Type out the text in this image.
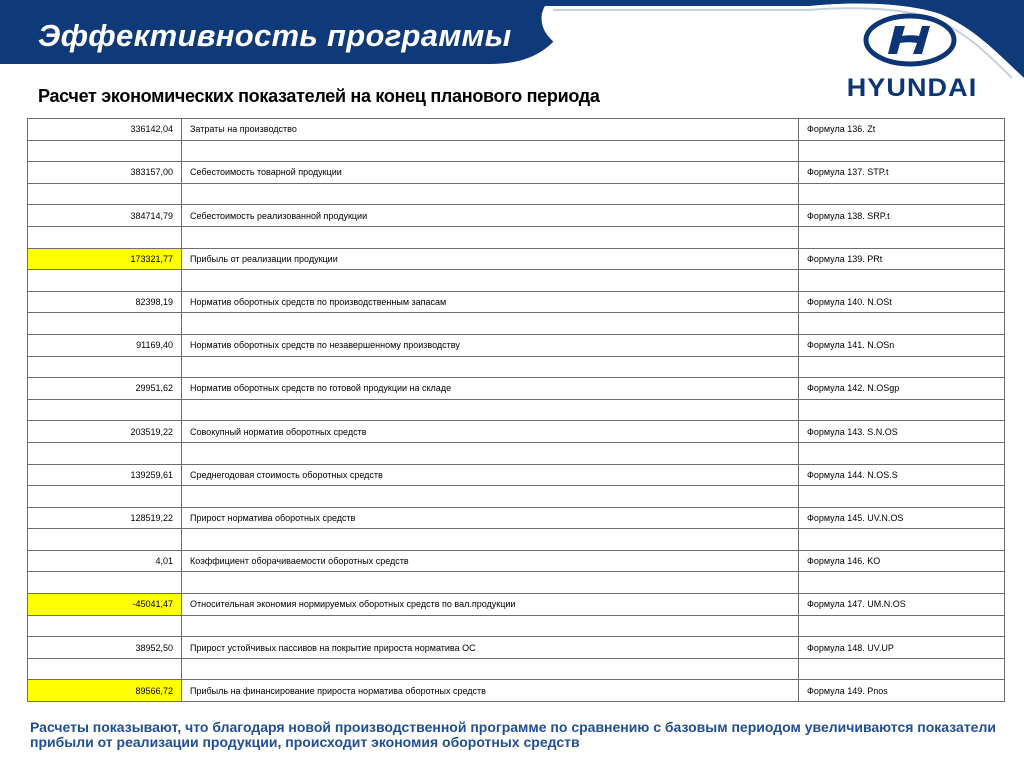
Эффективность программы
HYUNDAI
Расчет экономических показателей на конец планового периода
336142,04	Затраты на производство	Формула 136. Zt

383157,00	Себестоимость товарной продукции	Формула 137. STP.t

384714,79	Себестоимость реализованной продукции	Формула 138. SRP.t

173321,77	Прибыль от реализации продукции	Формула 139. PRt

82398,19	Норматив оборотных средств по производственным запасам	Формула 140. N.OSt

91169,40	Норматив оборотных средств по незавершенному производству	Формула 141. N.OSn

29951,62	Норматив оборотных средств по готовой продукции на складе	Формула 142. N.OSgp

203519,22	Совокупный норматив оборотных средств	Формула 143. S.N.OS

139259,61	Среднегодовая стоимость оборотных средств	Формула 144. N.OS.S

128519,22	Прирост норматива оборотных средств	Формула 145. UV.N.OS

4,01	Коэффициент оборачиваемости оборотных средств	Формула 146. KO

-45041,47	Относительная экономия нормируемых оборотных средств по вал.продукции	Формула 147. UM.N.OS

38952,50	Прирост устойчивых пассивов на покрытие прироста норматива ОС	Формула 148. UV.UP

89566,72	Прибыль на финансирование прироста норматива оборотных средств	Формула 149. Pnos

Расчеты показывают, что благодаря новой производственной программе по сравнению с базовым периодом увеличиваются показатели прибыли от реализации продукции, происходит экономия оборотных средств
